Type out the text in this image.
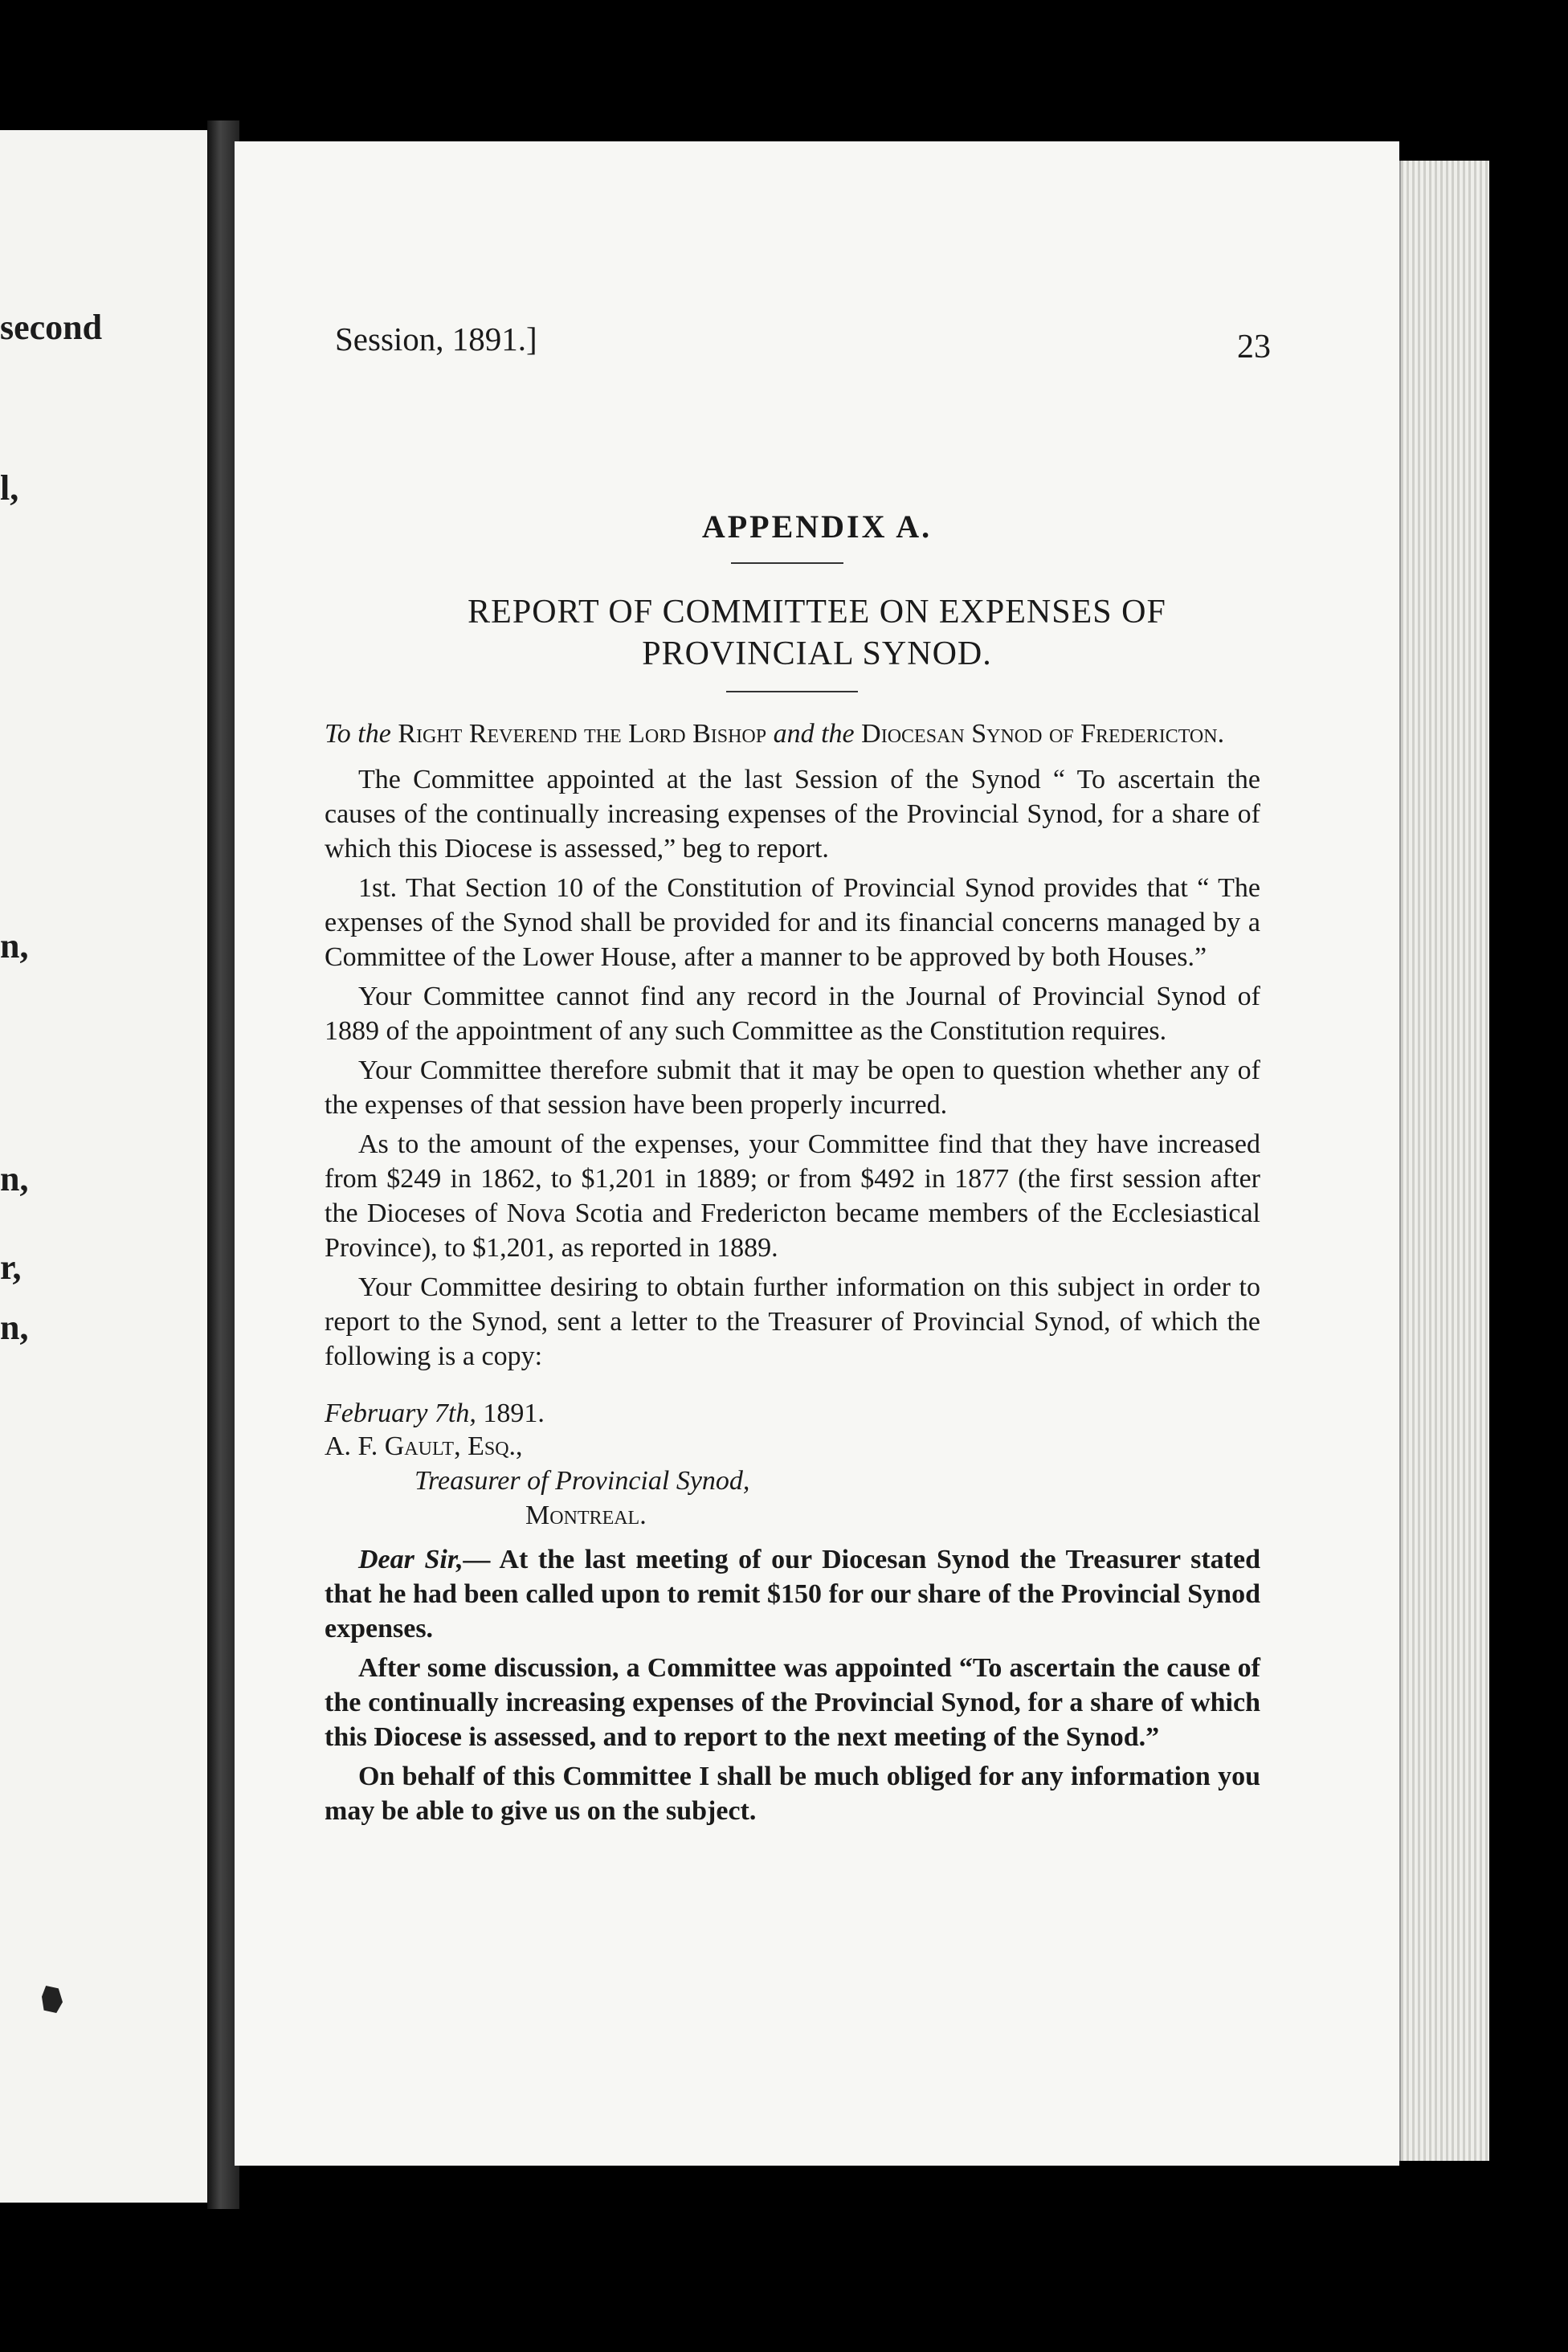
second
l,
n,
n,
r,
n,
Session, 1891.]	23
APPENDIX A.
REPORT OF COMMITTEE ON EXPENSES OF
PROVINCIAL SYNOD.

To the Right Reverend the Lord Bishop and the Diocesan Synod of Fredericton.

The Committee appointed at the last Session of the Synod “ To ascertain the causes of the continually increasing expenses of the Provincial Synod, for a share of which this Diocese is assessed,” beg to report.

1st. That Section 10 of the Constitution of Provincial Synod provides that “ The expenses of the Synod shall be provided for and its financial concerns managed by a Committee of the Lower House, after a manner to be approved by both Houses.”

Your Committee cannot find any record in the Journal of Provincial Synod of 1889 of the appointment of any such Committee as the Constitution requires.

Your Committee therefore submit that it may be open to question whether any of the expenses of that session have been properly incurred.

As to the amount of the expenses, your Committee find that they have increased from $249 in 1862, to $1,201 in 1889; or from $492 in 1877 (the first session after the Dioceses of Nova Scotia and Fredericton became members of the Ecclesiastical Province), to $1,201, as reported in 1889.

Your Committee desiring to obtain further information on this subject in order to report to the Synod, sent a letter to the Treasurer of Provincial Synod, of which the following is a copy:

February 7th, 1891.

A. F. Gault, Esq.,

Treasurer of Provincial Synod,

Montreal.

Dear Sir,— At the last meeting of our Diocesan Synod the Treasurer stated that he had been called upon to remit $150 for our share of the Provincial Synod expenses.

After some discussion, a Committee was appointed “To ascertain the cause of the continually increasing expenses of the Provincial Synod, for a share of which this Diocese is assessed, and to report to the next meeting of the Synod.”

On behalf of this Committee I shall be much obliged for any information you may be able to give us on the subject.
